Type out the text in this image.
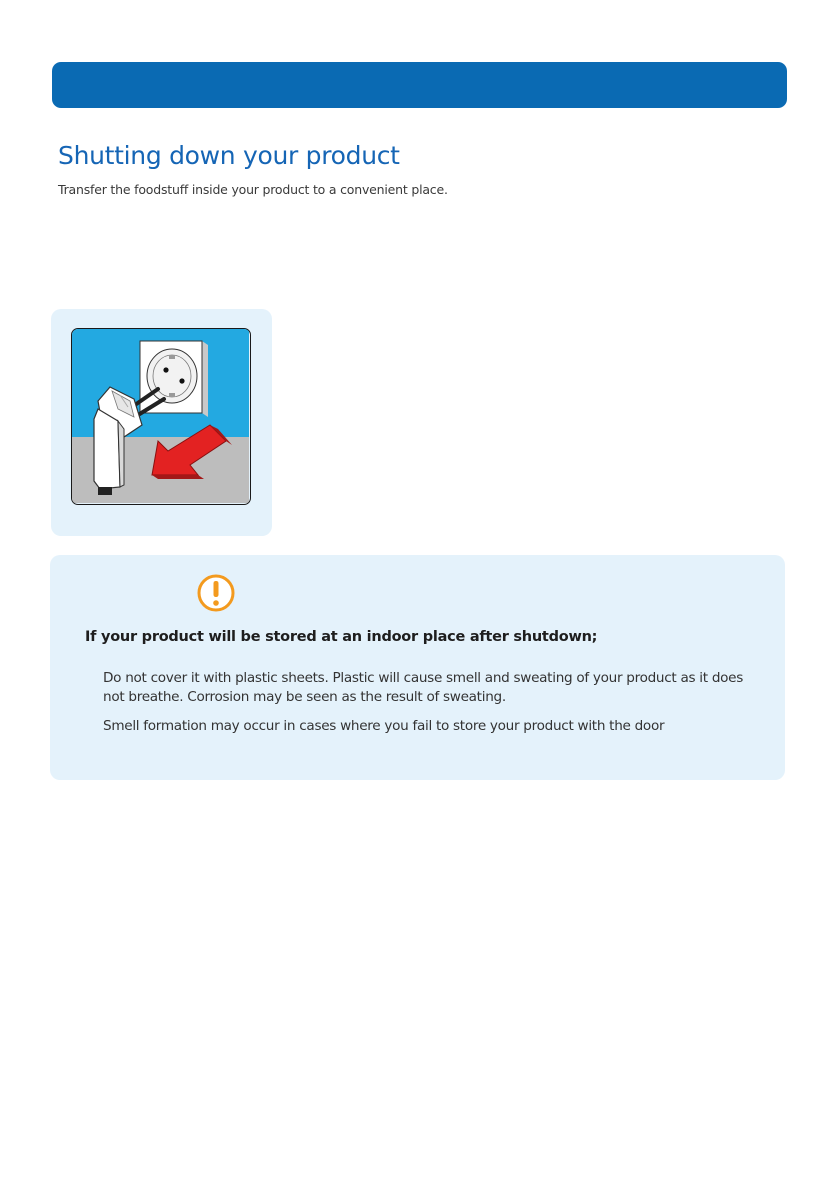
Shutting down your product

Transfer the foodstuff inside your product to a convenient place.

If your product will be stored at an indoor place after shutdown;

Do not cover it with plastic sheets. Plastic will cause smell and sweating of your product as it does not breathe. Corrosion may be seen as the result of sweating.

Smell formation may occur in cases where you fail to store your product with the door
